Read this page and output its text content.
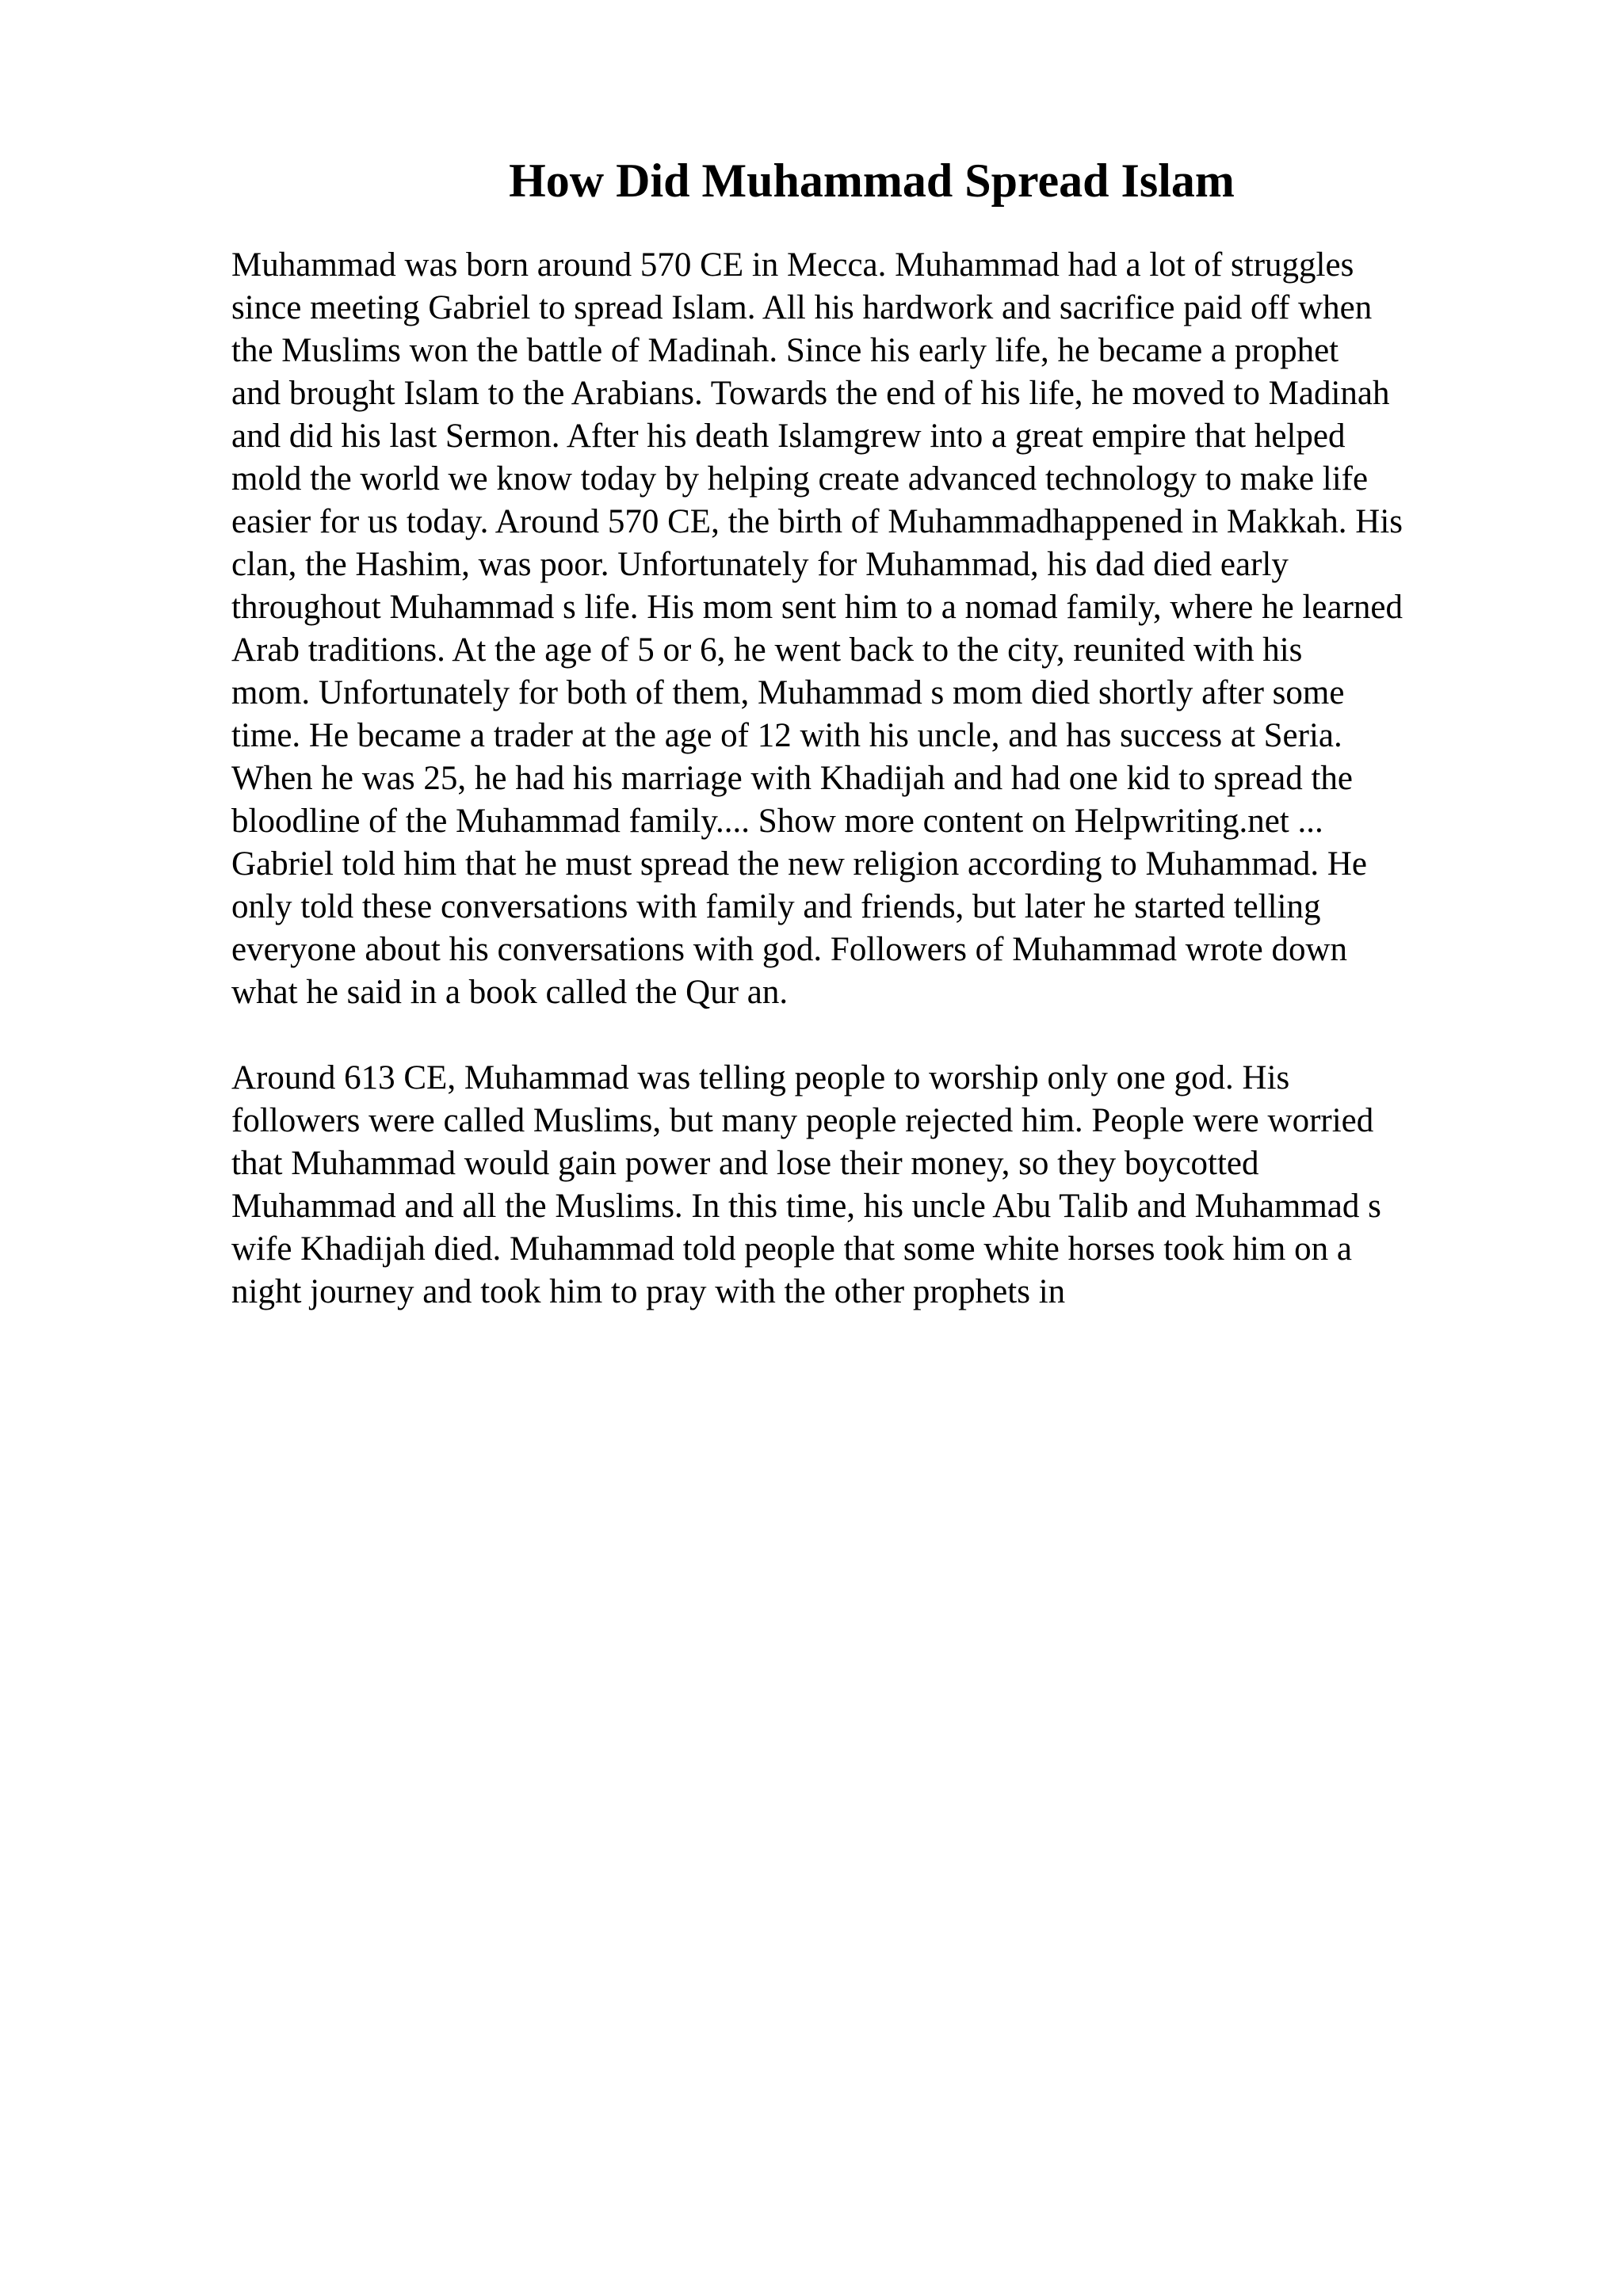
How Did Muhammad Spread Islam

Muhammad was born around 570 CE in Mecca. Muhammad had a lot of struggles
since meeting Gabriel to spread Islam. All his hardwork and sacrifice paid off when
the Muslims won the battle of Madinah. Since his early life, he became a prophet
and brought Islam to the Arabians. Towards the end of his life, he moved to Madinah
and did his last Sermon. After his death Islamgrew into a great empire that helped
mold the world we know today by helping create advanced technology to make life
easier for us today. Around 570 CE, the birth of Muhammadhappened in Makkah. His
clan, the Hashim, was poor. Unfortunately for Muhammad, his dad died early
throughout Muhammad s life. His mom sent him to a nomad family, where he learned
Arab traditions. At the age of 5 or 6, he went back to the city, reunited with his
mom. Unfortunately for both of them, Muhammad s mom died shortly after some
time. He became a trader at the age of 12 with his uncle, and has success at Seria.
When he was 25, he had his marriage with Khadijah and had one kid to spread the
bloodline of the Muhammad family.... Show more content on Helpwriting.net ...
Gabriel told him that he must spread the new religion according to Muhammad. He
only told these conversations with family and friends, but later he started telling
everyone about his conversations with god. Followers of Muhammad wrote down
what he said in a book called the Qur an.

Around 613 CE, Muhammad was telling people to worship only one god. His
followers were called Muslims, but many people rejected him. People were worried
that Muhammad would gain power and lose their money, so they boycotted
Muhammad and all the Muslims. In this time, his uncle Abu Talib and Muhammad s
wife Khadijah died. Muhammad told people that some white horses took him on a
night journey and took him to pray with the other prophets in
